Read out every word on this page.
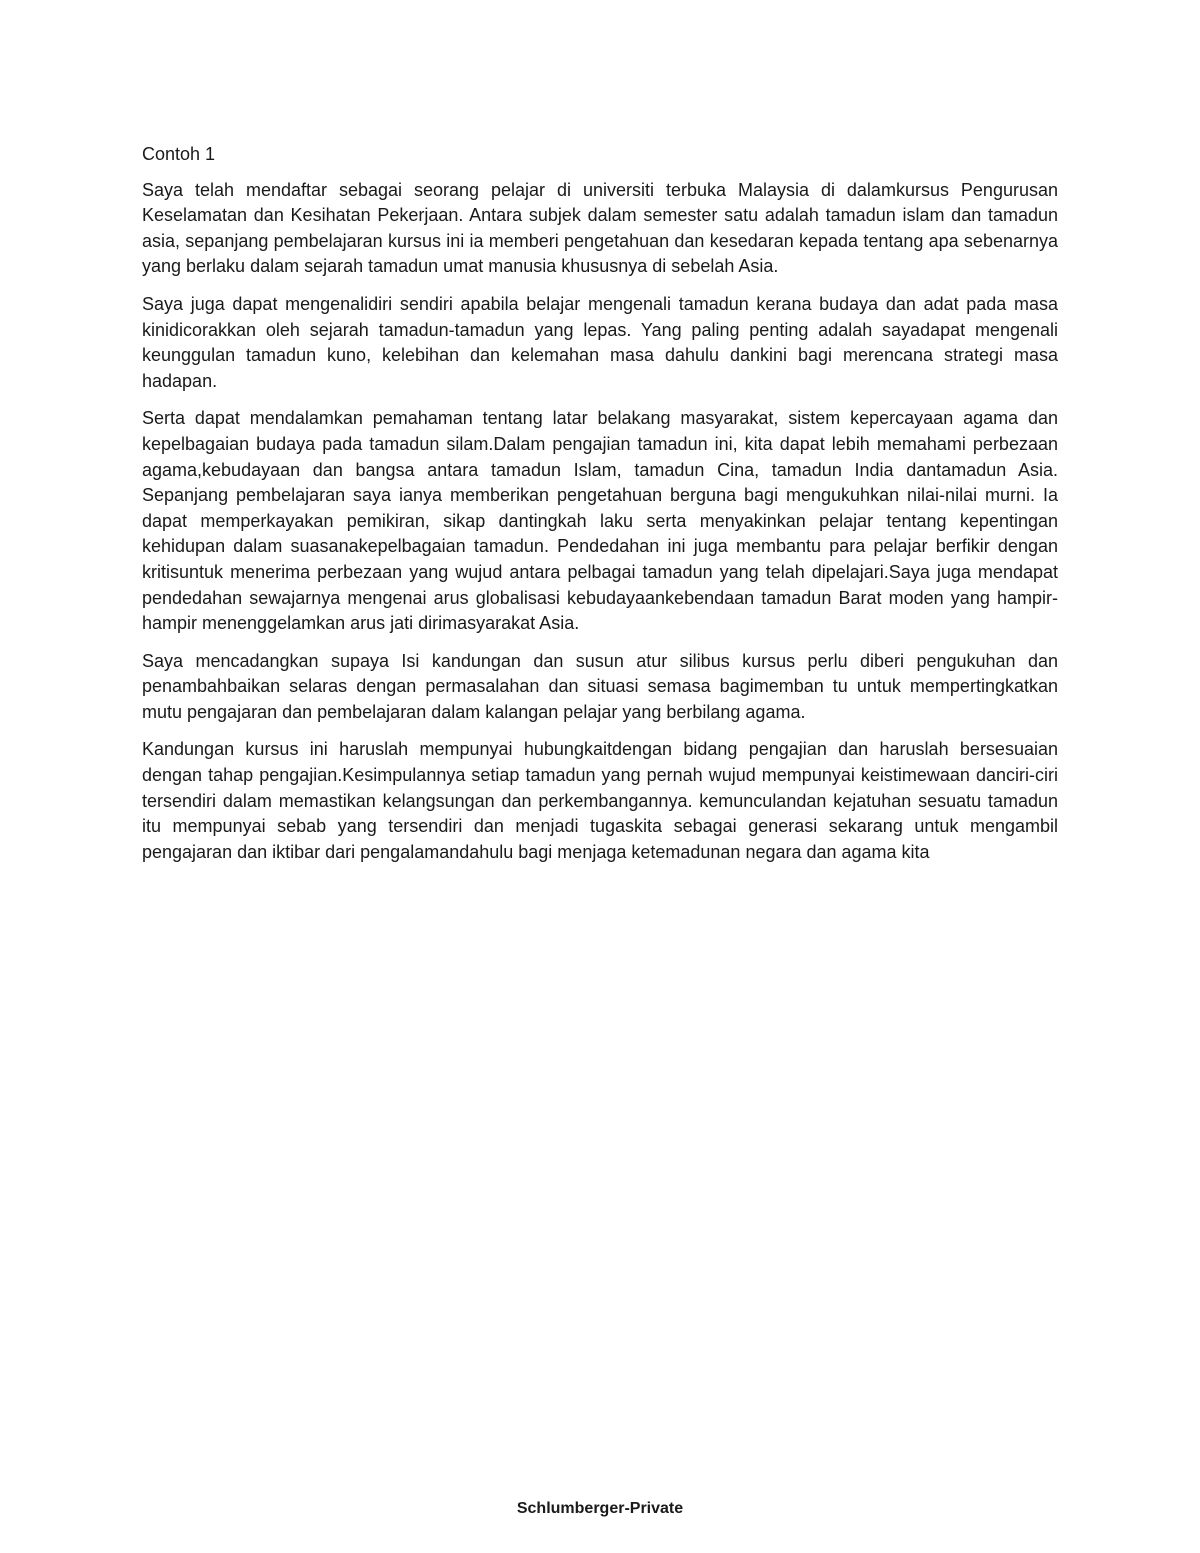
Contoh 1

Saya telah mendaftar sebagai seorang pelajar di universiti terbuka Malaysia di dalamkursus Pengurusan Keselamatan dan Kesihatan Pekerjaan. Antara subjek dalam semester satu adalah tamadun islam dan tamadun asia, sepanjang pembelajaran kursus ini ia memberi pengetahuan dan kesedaran kepada tentang apa sebenarnya yang berlaku dalam sejarah tamadun umat manusia khususnya di sebelah Asia.

Saya juga dapat mengenalidiri sendiri apabila belajar mengenali tamadun kerana budaya dan adat pada masa kinidicorakkan oleh sejarah tamadun-tamadun yang lepas. Yang paling penting adalah sayadapat mengenali keunggulan tamadun kuno, kelebihan dan kelemahan masa dahulu dankini bagi merencana strategi masa hadapan.

Serta dapat mendalamkan pemahaman tentang latar belakang masyarakat, sistem kepercayaan agama dan kepelbagaian budaya pada tamadun silam.Dalam pengajian tamadun ini, kita dapat lebih memahami perbezaan agama,kebudayaan dan bangsa antara tamadun Islam, tamadun Cina, tamadun India dantamadun Asia. Sepanjang pembelajaran saya ianya memberikan pengetahuan berguna bagi mengukuhkan nilai-nilai murni. Ia dapat memperkayakan pemikiran, sikap dantingkah laku serta menyakinkan pelajar tentang kepentingan kehidupan dalam suasanakepelbagaian tamadun. Pendedahan ini juga membantu para pelajar berfikir dengan kritisuntuk menerima perbezaan yang wujud antara pelbagai tamadun yang telah dipelajari.Saya juga mendapat pendedahan sewajarnya mengenai arus globalisasi kebudayaankebendaan tamadun Barat moden yang hampir-hampir menenggelamkan arus jati dirimasyarakat Asia.

Saya mencadangkan supaya Isi kandungan dan susun atur silibus kursus perlu diberi pengukuhan dan penambahbaikan selaras dengan permasalahan dan situasi semasa bagimemban tu untuk mempertingkatkan mutu pengajaran dan pembelajaran dalam kalangan pelajar yang berbilang agama.

Kandungan kursus ini haruslah mempunyai hubungkaitdengan bidang pengajian dan haruslah bersesuaian dengan tahap pengajian.Kesimpulannya setiap tamadun yang pernah wujud mempunyai keistimewaan danciri-ciri tersendiri dalam memastikan kelangsungan dan perkembangannya. kemunculandan kejatuhan sesuatu tamadun itu mempunyai sebab yang tersendiri dan menjadi tugaskita sebagai generasi sekarang untuk mengambil pengajaran dan iktibar dari pengalamandahulu bagi menjaga ketemadunan negara dan agama kita

Schlumberger-Private
